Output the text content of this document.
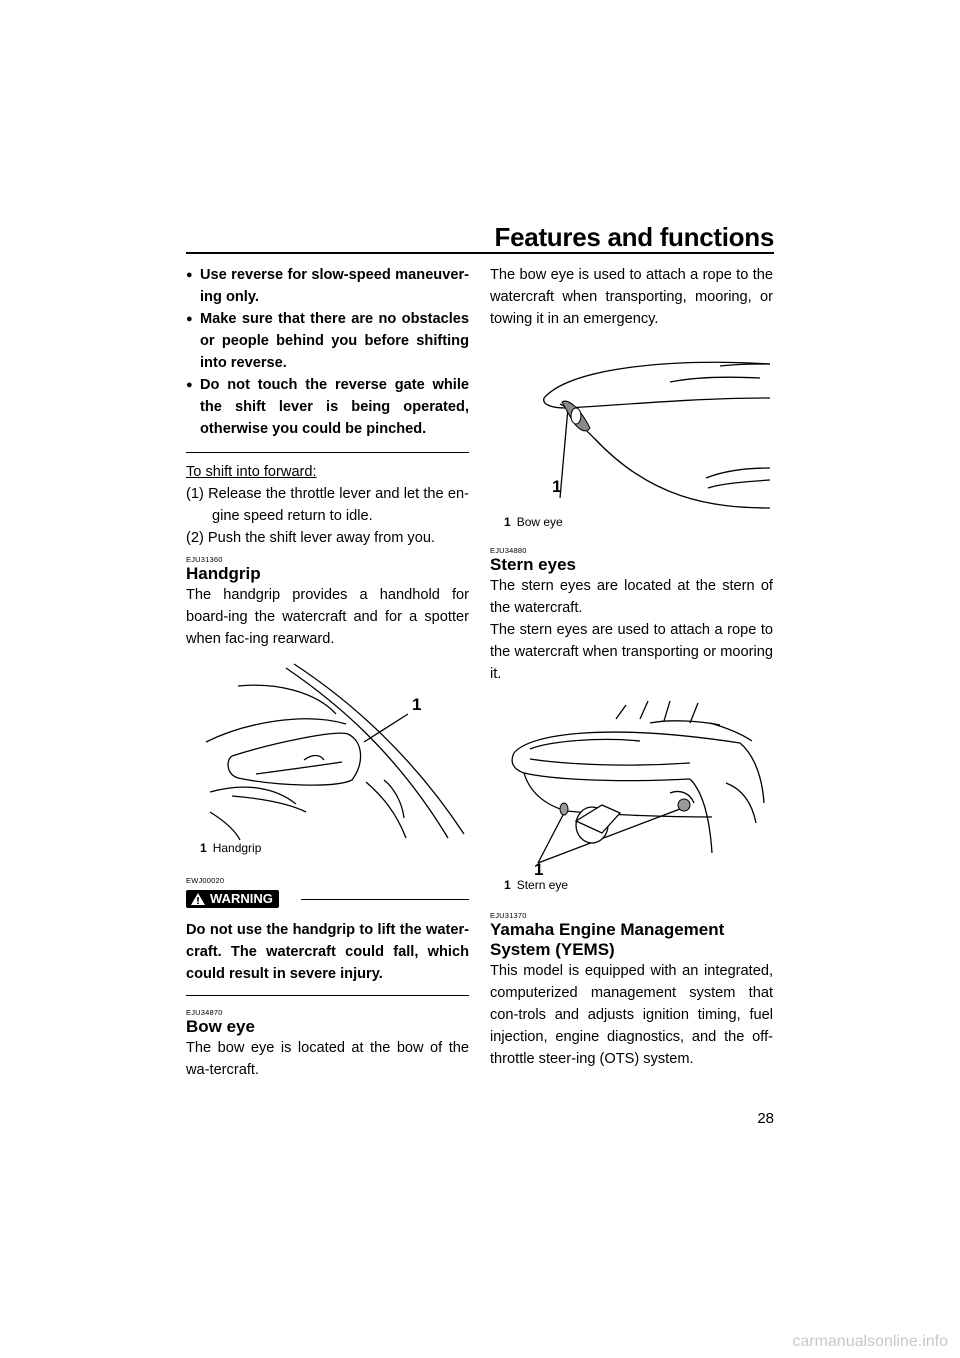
Features and functions
● Use reverse for slow-speed maneuver-ing only.
● Make sure that there are no obstacles or people behind you before shifting into reverse.
● Do not touch the reverse gate while the shift lever is being operated, otherwise you could be pinched.

To shift into forward:

(1) Release the throttle lever and let the en-gine speed return to idle.

(2) Push the shift lever away from you.

EJU31360
Handgrip

The handgrip provides a handhold for board-ing the watercraft and for a spotter when fac-ing rearward.

1
1 Handgrip
EWJ00020
WARNING

Do not use the handgrip to lift the water-craft. The watercraft could fall, which could result in severe injury.

EJU34870
Bow eye

The bow eye is located at the bow of the wa-tercraft.

The bow eye is used to attach a rope to the watercraft when transporting, mooring, or towing it in an emergency.

1
1 Bow eye
EJU34880
Stern eyes

The stern eyes are located at the stern of the watercraft.

The stern eyes are used to attach a rope to the watercraft when transporting or mooring it.

1
1 Stern eye
EJU31370
Yamaha Engine Management System (YEMS)

This model is equipped with an integrated, computerized management system that con-trols and adjusts ignition timing, fuel injection, engine diagnostics, and the off-throttle steer-ing (OTS) system.

28
carmanualsonline.info
